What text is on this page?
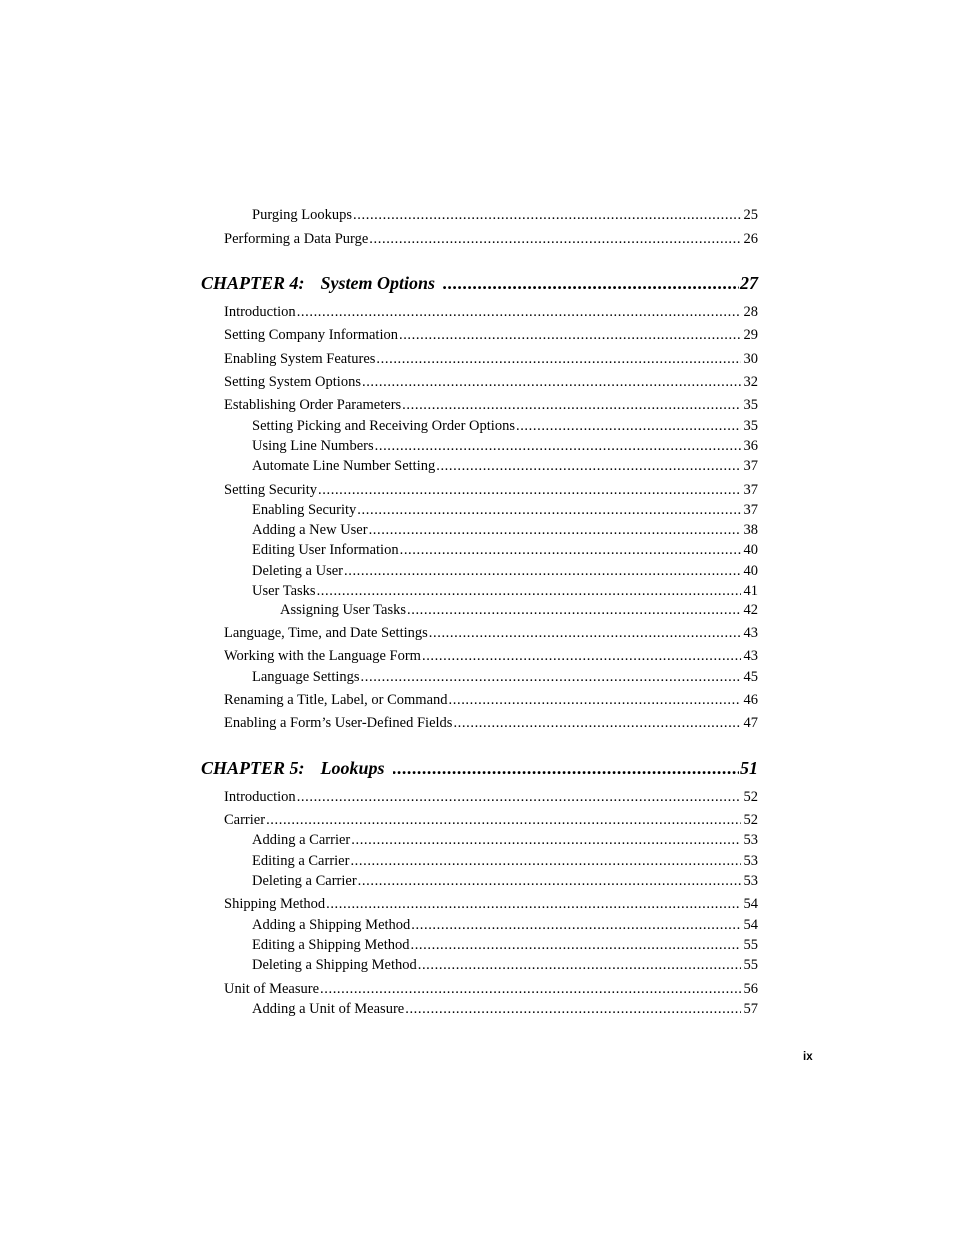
Purging Lookups .....	25
Performing a Data Purge .....	26
CHAPTER 4: System Options .....	27
Introduction .....	28
Setting Company Information .....	29
Enabling System Features .....	30
Setting System Options .....	32
Establishing Order Parameters .....	35
Setting Picking and Receiving Order Options .....	35
Using Line Numbers .....	36
Automate Line Number Setting .....	37
Setting Security .....	37
Enabling Security .....	37
Adding a New User .....	38
Editing User Information .....	40
Deleting a User .....	40
User Tasks .....	41
Assigning User Tasks .....	42
Language, Time, and Date Settings .....	43
Working with the Language Form .....	43
Language Settings .....	45
Renaming a Title, Label, or Command .....	46
Enabling a Form’s User-Defined Fields .....	47
CHAPTER 5: Lookups .....	51
Introduction .....	52
Carrier .....	52
Adding a Carrier .....	53
Editing a Carrier .....	53
Deleting a Carrier .....	53
Shipping Method .....	54
Adding a Shipping Method .....	54
Editing a Shipping Method .....	55
Deleting a Shipping Method .....	55
Unit of Measure .....	56
Adding a Unit of Measure .....	57
ix
